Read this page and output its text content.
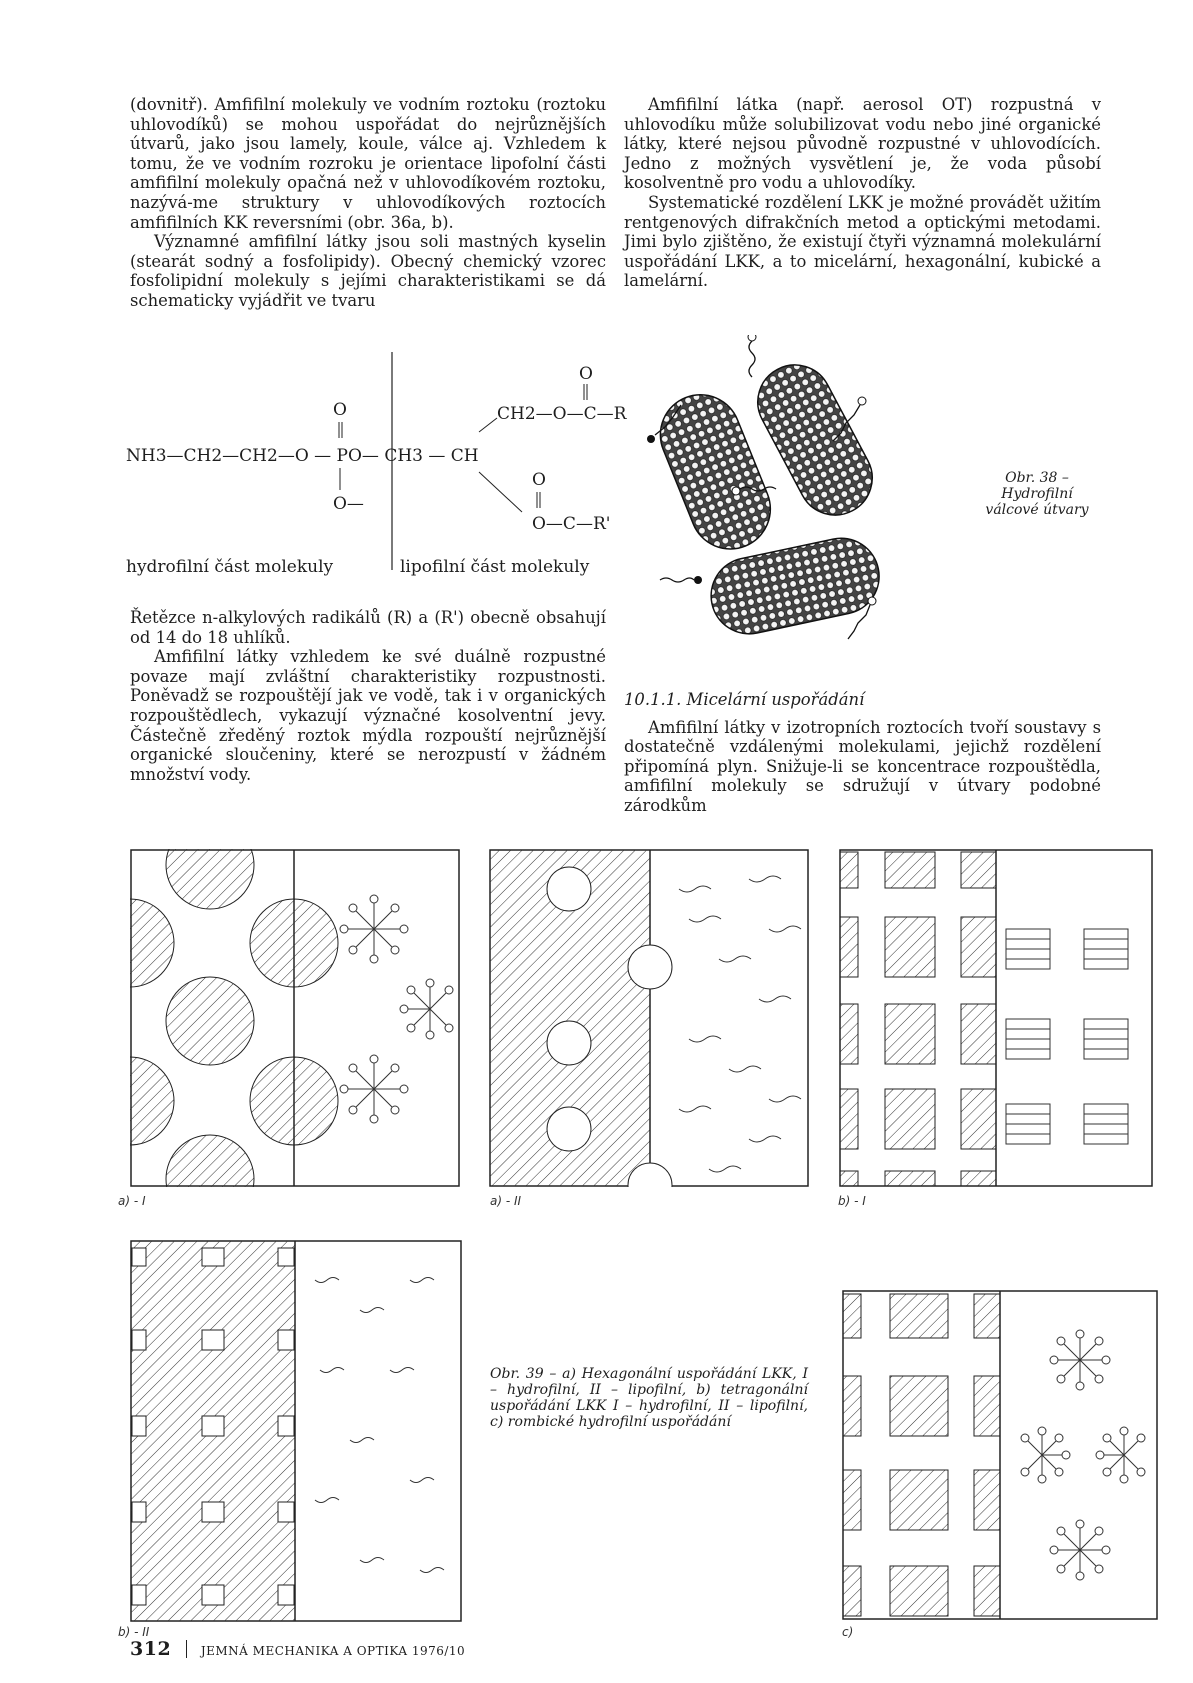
(dovnitř). Amfifilní molekuly ve vodním roztoku (roztoku uhlovodíků) se mohou uspořádat do nejrůznějších útvarů, jako jsou lamely, koule, válce aj. Vzhledem k tomu, že ve vodním rozroku je orientace lipofolní části amfifilní molekuly opačná než v uhlovodíkovém roztoku, nazývá-me struktury v uhlovodíkových roztocích amfifilních KK reversními (obr. 36a, b).

Významné amfifilní látky jsou soli mastných kyselin (stearát sodný a fosfolipidy). Obecný chemický vzorec fosfolipidní molekuly s jejími charakteristikami se dá schematicky vyjádřit ve tvaru

Amfifilní látka (např. aerosol OT) rozpustná v uhlovodíku může solubilizovat vodu nebo jiné organické látky, které nejsou původně rozpustné v uhlovodících. Jedno z možných vysvětlení je, že voda působí kosolventně pro vodu a uhlovodíky.

Systematické rozdělení LKK je možné provádět užitím rentgenových difrakčních metod a optickými metodami. Jimi bylo zjištěno, že existují čtyři významná molekulární uspořádání LKK, a to micelární, hexagonální, kubické a lamelární.

O
NH3—CH2—CH2—O — PO— CH3 — CH
O—
O
CH2—O—C—R
O
O—C—R'
hydrofilní část molekuly	lipofilní část molekuly

Řetězce n-alkylových radikálů (R) a (R') obecně obsahují od 14 do 18 uhlíků.

Amfifilní látky vzhledem ke své duálně rozpustné povaze mají zvláštní charakteristiky rozpustnosti. Poněvadž se rozpouštějí jak ve vodě, tak i v organických rozpouštědlech, vykazují význačné kosolventní jevy. Částečně zředěný roztok mýdla rozpouští nejrůznější organické sloučeniny, které se nerozpustí v žádném množství vody.

Obr. 38 – Hydrofilní válcové útvary

10.1.1. Micelární uspořádání

Amfifilní látky v izotropních roztocích tvoří soustavy s dostatečně vzdálenými molekulami, jejichž rozdělení připomíná plyn. Snižuje-li se koncentrace rozpouštědla, amfifilní molekuly se sdružují v útvary podobné zárodkům

a) - I	a) - II	b) - I
b) - II
Obr. 39 – a) Hexagonální uspořádání LKK, I – hydrofilní, II – lipofilní, b) tetragonální uspořádání LKK I – hydrofilní, II – lipofilní, c) rombické hydrofilní uspořádání
c)
312 JEMNÁ MECHANIKA A OPTIKA 1976/10
